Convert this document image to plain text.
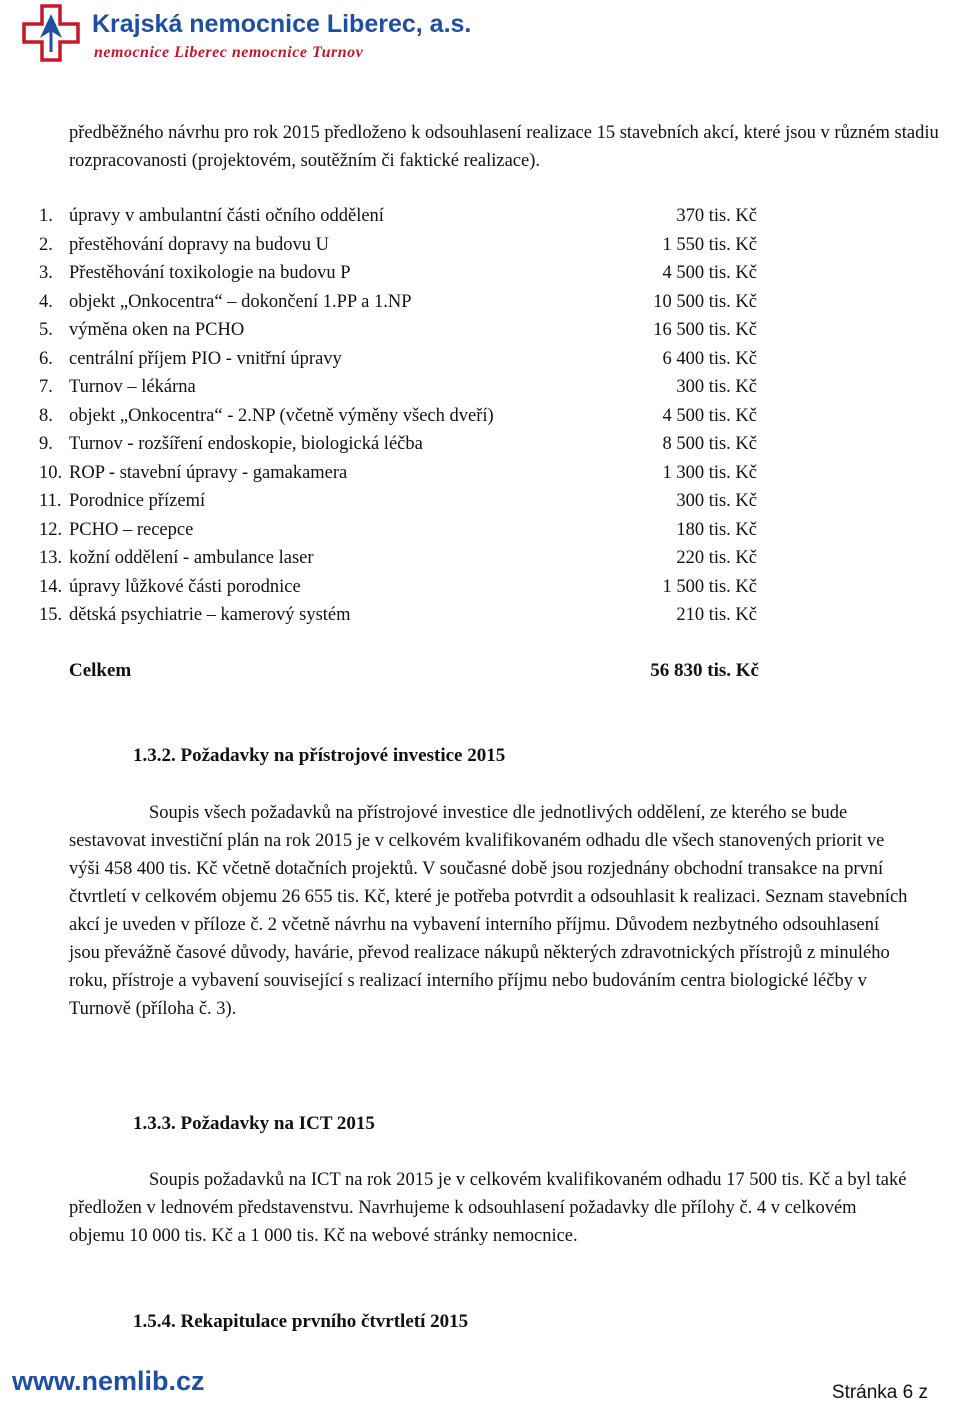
Krajská nemocnice Liberec, a.s.
nemocnice Liberec nemocnice Turnov
předběžného návrhu pro rok 2015 předloženo k odsouhlasení realizace 15 stavebních akcí, které jsou v různém stadiu rozpracovanosti (projektovém, soutěžním či faktické realizace).
1. úpravy v ambulantní části očního oddělení	370 tis. Kč
2. přestěhování dopravy na budovu U	1 550 tis. Kč
3. Přestěhování toxikologie na budovu P	4 500 tis. Kč
4. objekt „Onkocentra“ – dokončení 1.PP a 1.NP	10 500 tis. Kč
5. výměna oken na PCHO	16 500 tis. Kč
6. centrální příjem PIO - vnitřní úpravy	6 400 tis. Kč
7. Turnov – lékárna	300 tis. Kč
8. objekt „Onkocentra“ - 2.NP (včetně výměny všech dveří)	4 500 tis. Kč
9. Turnov - rozšíření endoskopie, biologická léčba	8 500 tis. Kč
10. ROP - stavební úpravy - gamakamera	1 300 tis. Kč
11. Porodnice přízemí	300 tis. Kč
12. PCHO – recepce	180 tis. Kč
13. kožní oddělení - ambulance laser	220 tis. Kč
14. úpravy lůžkové části porodnice	1 500 tis. Kč
15. dětská psychiatrie – kamerový systém	210 tis. Kč
Celkem	56 830 tis. Kč
1.3.2. Požadavky na přístrojové investice 2015
Soupis všech požadavků na přístrojové investice dle jednotlivých oddělení, ze kterého se bude sestavovat investiční plán na rok 2015 je v celkovém kvalifikovaném odhadu dle všech stanovených priorit ve výši 458 400 tis. Kč včetně dotačních projektů. V současné době jsou rozjednány obchodní transakce na první čtvrtletí v celkovém objemu 26 655 tis. Kč, které je potřeba potvrdit a odsouhlasit k realizaci. Seznam stavebních akcí je uveden v příloze č. 2 včetně návrhu na vybavení interního příjmu. Důvodem nezbytného odsouhlasení jsou převážně časové důvody, havárie, převod realizace nákupů některých zdravotnických přístrojů z minulého roku, přístroje a vybavení související s realizací interního příjmu nebo budováním centra biologické léčby v Turnově (příloha č. 3).
1.3.3. Požadavky na ICT 2015
Soupis požadavků na ICT na rok 2015 je v celkovém kvalifikovaném odhadu 17 500 tis. Kč a byl také předložen v lednovém představenstvu. Navrhujeme k odsouhlasení požadavky dle přílohy č. 4 v celkovém objemu 10 000 tis. Kč a 1 000 tis. Kč na webové stránky nemocnice.
1.5.4. Rekapitulace prvního čtvrtletí 2015
www.nemlib.cz	Stránka 6 z
